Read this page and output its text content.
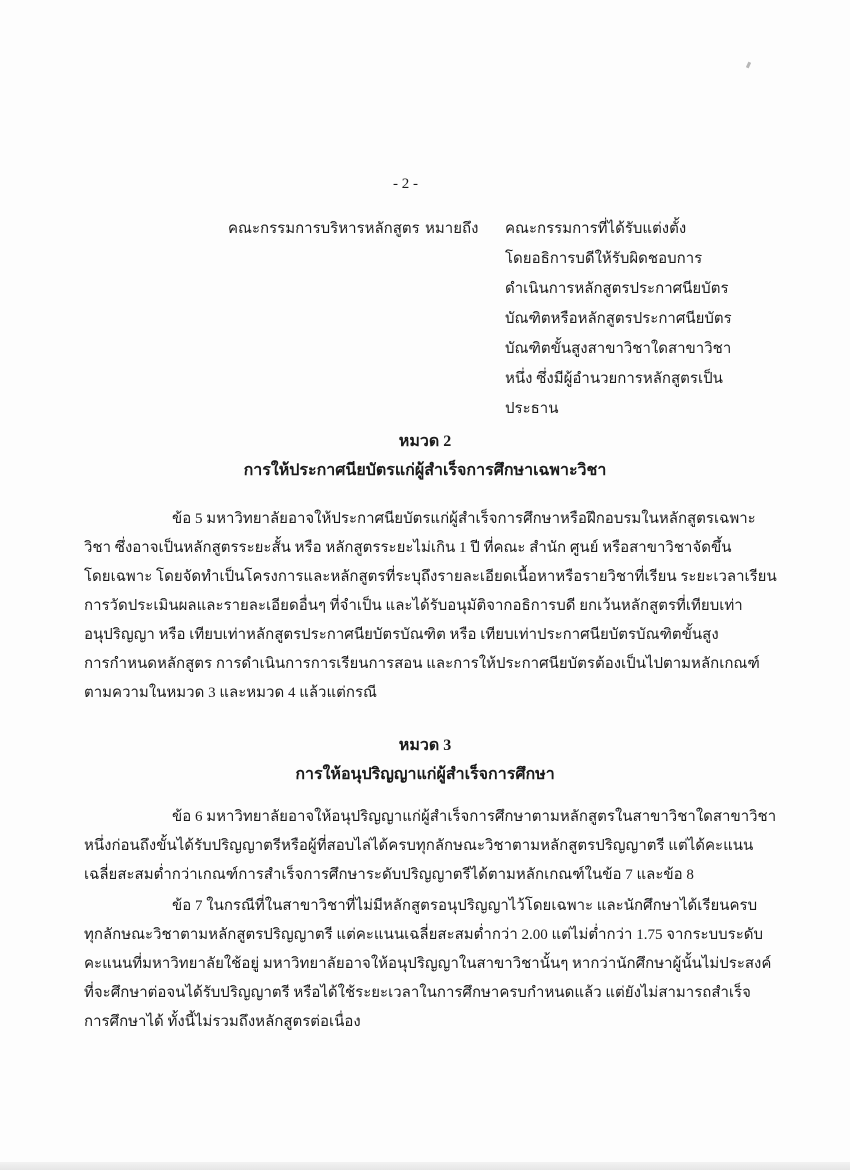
- 2 -
คณะกรรมการบริหารหลักสูตร หมายถึง คณะกรรมการที่ได้รับแต่งตั้ง
โดยอธิการบดีให้รับผิดชอบการ
ดำเนินการหลักสูตรประกาศนียบัตร
บัณฑิตหรือหลักสูตรประกาศนียบัตร
บัณฑิตขั้นสูงสาขาวิชาใดสาขาวิชา
หนึ่ง ซึ่งมีผู้อำนวยการหลักสูตรเป็น
ประธาน
หมวด 2
การให้ประกาศนียบัตรแก่ผู้สำเร็จการศึกษาเฉพาะวิชา
ข้อ 5 มหาวิทยาลัยอาจให้ประกาศนียบัตรแก่ผู้สำเร็จการศึกษาหรือฝึกอบรมในหลักสูตรเฉพาะ
วิชา ซึ่งอาจเป็นหลักสูตรระยะสั้น หรือ หลักสูตรระยะไม่เกิน 1 ปี ที่คณะ สำนัก ศูนย์ หรือสาขาวิชาจัดขึ้น
โดยเฉพาะ โดยจัดทำเป็นโครงการและหลักสูตรที่ระบุถึงรายละเอียดเนื้อหาหรือรายวิชาที่เรียน ระยะเวลาเรียน
การวัดประเมินผลและรายละเอียดอื่นๆ ที่จำเป็น และได้รับอนุมัติจากอธิการบดี ยกเว้นหลักสูตรที่เทียบเท่า
อนุปริญญา หรือ เทียบเท่าหลักสูตรประกาศนียบัตรบัณฑิต หรือ เทียบเท่าประกาศนียบัตรบัณฑิตขั้นสูง
การกำหนดหลักสูตร การดำเนินการการเรียนการสอน และการให้ประกาศนียบัตรต้องเป็นไปตามหลักเกณฑ์
ตามความในหมวด 3 และหมวด 4 แล้วแต่กรณี
หมวด 3
การให้อนุปริญญาแก่ผู้สำเร็จการศึกษา
ข้อ 6 มหาวิทยาลัยอาจให้อนุปริญญาแก่ผู้สำเร็จการศึกษาตามหลักสูตรในสาขาวิชาใดสาขาวิชา
หนึ่งก่อนถึงขั้นได้รับปริญญาตรีหรือผู้ที่สอบไล่ได้ครบทุกลักษณะวิชาตามหลักสูตรปริญญาตรี แต่ได้คะแนน
เฉลี่ยสะสมต่ำกว่าเกณฑ์การสำเร็จการศึกษาระดับปริญญาตรีได้ตามหลักเกณฑ์ในข้อ 7 และข้อ 8
ข้อ 7 ในกรณีที่ในสาขาวิชาที่ไม่มีหลักสูตรอนุปริญญาไว้โดยเฉพาะ และนักศึกษาได้เรียนครบ
ทุกลักษณะวิชาตามหลักสูตรปริญญาตรี แต่คะแนนเฉลี่ยสะสมต่ำกว่า 2.00 แต่ไม่ต่ำกว่า 1.75 จากระบบระดับ
คะแนนที่มหาวิทยาลัยใช้อยู่ มหาวิทยาลัยอาจให้อนุปริญญาในสาขาวิชานั้นๆ หากว่านักศึกษาผู้นั้นไม่ประสงค์
ที่จะศึกษาต่อจนได้รับปริญญาตรี หรือได้ใช้ระยะเวลาในการศึกษาครบกำหนดแล้ว แต่ยังไม่สามารถสำเร็จ
การศึกษาได้ ทั้งนี้ไม่รวมถึงหลักสูตรต่อเนื่อง
